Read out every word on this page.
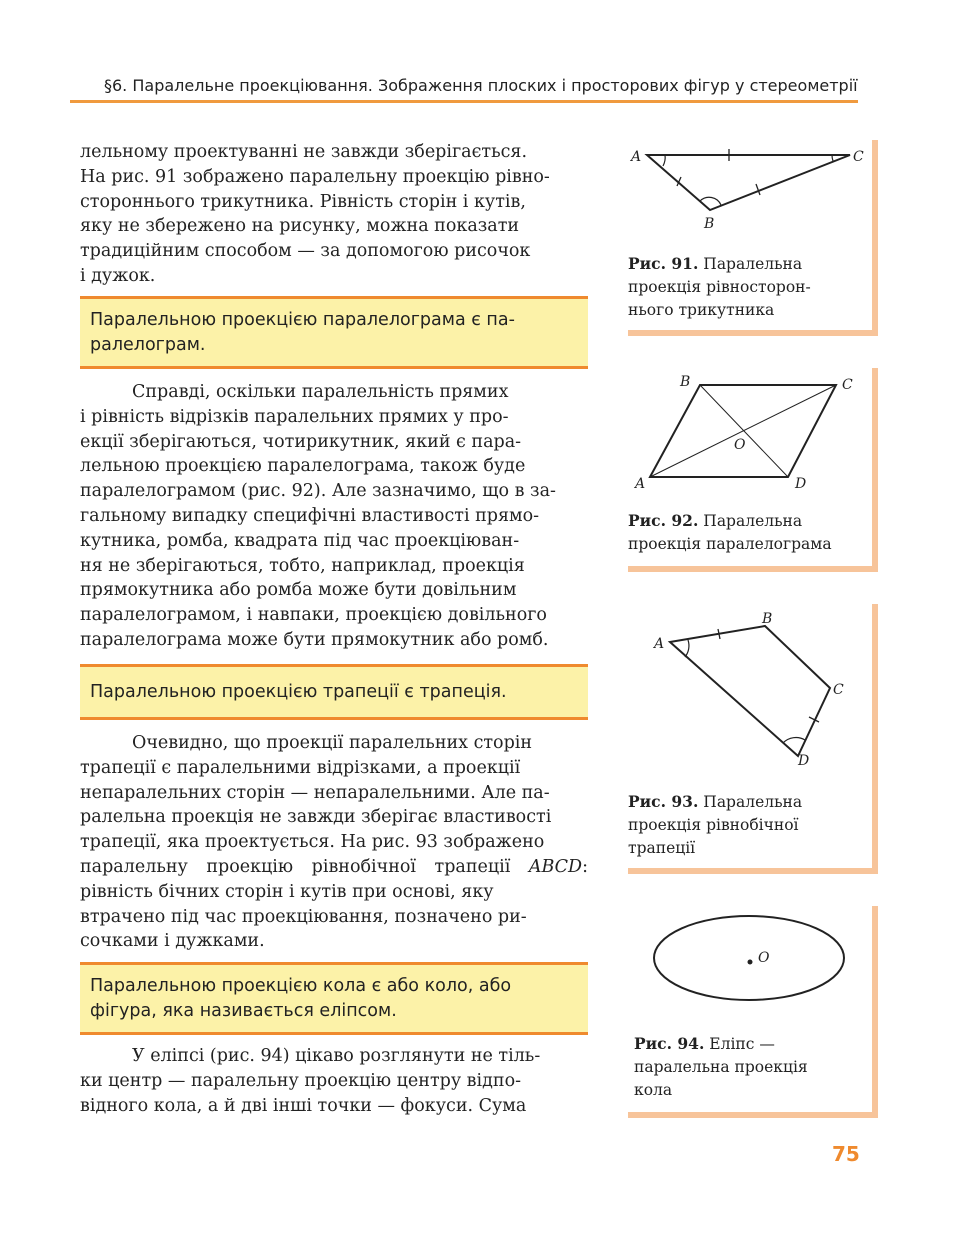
§6. Паралельне проекціювання. Зображення плоских і просторових фігур у стереометрії

лельному проектуванні не завжди зберігається.

На рис. 91 зображено паралельну проекцію рівно-

стороннього трикутника. Рівність сторін і кутів,

яку не збережено на рисунку, можна показати

традиційним способом — за допомогою рисочок

і дужок.

Паралельною проекцією паралелограма є па-
ралелограм.

Справді, оскільки паралельність прямих

і рівність відрізків паралельних прямих у про-

екції зберігаються, чотирикутник, який є пара-

лельною проекцією паралелограма, також буде

паралелограмом (рис. 92). Але зазначимо, що в за-

гальному випадку специфічні властивості прямо-

кутника, ромба, квадрата під час проекціюван-

ня не зберігаються, тобто, наприклад, проекція

прямокутника або ромба може бути довільним

паралелограмом, і навпаки, проекцією довільного

паралелограма може бути прямокутник або ромб.

Паралельною проекцією трапеції є трапеція.

Очевидно, що проекції паралельних сторін

трапеції є паралельними відрізками, а проекції

непаралельних сторін — непаралельними. Але па-

ралельна проекція не завжди зберігає властивості

трапеції, яка проектується. На рис. 93 зображено

паралельну проекцію рівнобічної трапеції ABCD:

рівність бічних сторін і кутів при основі, яку

втрачено під час проекціювання, позначено ри-

сочками і дужками.

Паралельною проекцією кола є або коло, або
фігура, яка називається еліпсом.

У еліпсі (рис. 94) цікаво розглянути не тіль-

ки центр — паралельну проекцію центру відпо-

відного кола, а й дві інші точки — фокуси. Сума

A	C
B
Рис. 91. Паралельна
проекція рівносторон-
нього трикутника
B	C
A	D
O
Рис. 92. Паралельна
проекція паралелограма
A
B
C
D
Рис. 93. Паралельна
проекція рівнобічної
трапеції
O
Рис. 94. Еліпс —
паралельна проекція
кола
75
